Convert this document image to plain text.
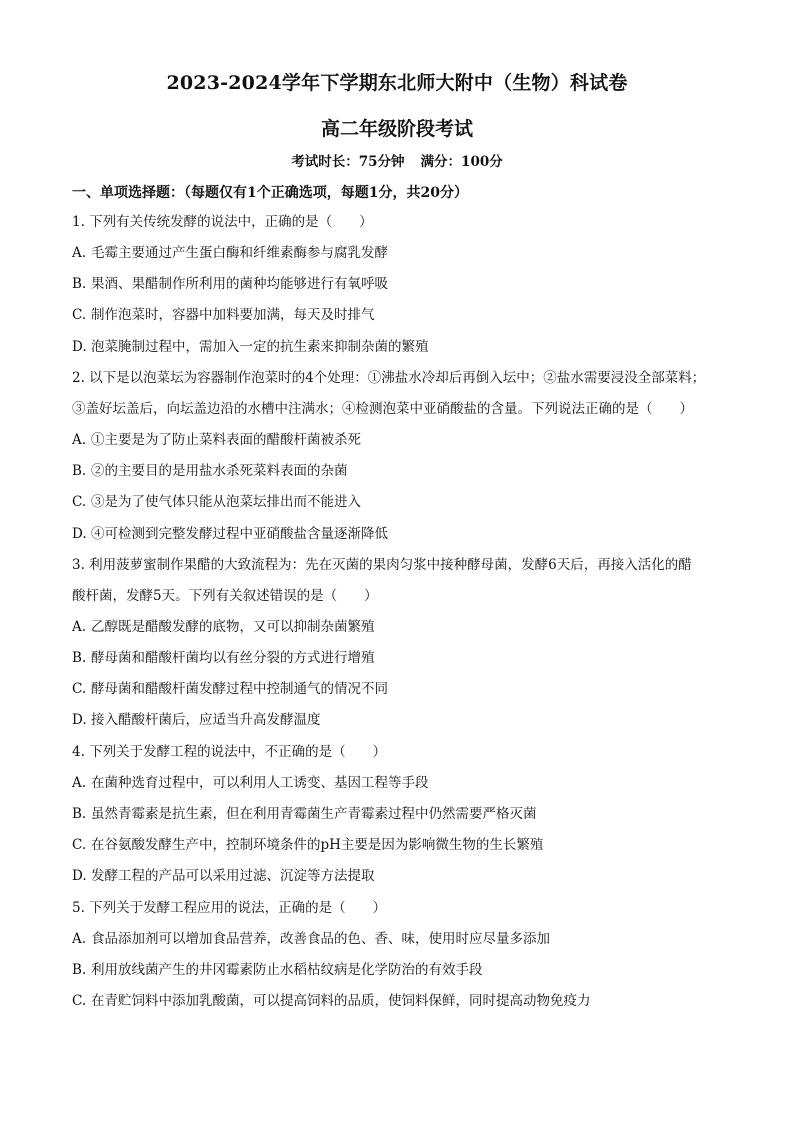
2023-2024学年下学期东北师大附中（生物）科试卷
高二年级阶段考试
考试时长：75分钟 满分：100分
一、单项选择题：（每题仅有1个正确选项，每题1分，共20分）
1. 下列有关传统发酵的说法中，正确的是（　　）
A. 毛霉主要通过产生蛋白酶和纤维素酶参与腐乳发酵
B. 果酒、果醋制作所利用的菌种均能够进行有氧呼吸
C. 制作泡菜时，容器中加料要加满，每天及时排气
D. 泡菜腌制过程中，需加入一定的抗生素来抑制杂菌的繁殖
2. 以下是以泡菜坛为容器制作泡菜时的4个处理：①沸盐水冷却后再倒入坛中；②盐水需要浸没全部菜料；
③盖好坛盖后，向坛盖边沿的水槽中注满水；④检测泡菜中亚硝酸盐的含量。下列说法正确的是（　　）
A. ①主要是为了防止菜料表面的醋酸杆菌被杀死
B. ②的主要目的是用盐水杀死菜料表面的杂菌
C. ③是为了使气体只能从泡菜坛排出而不能进入
D. ④可检测到完整发酵过程中亚硝酸盐含量逐渐降低
3. 利用菠萝蜜制作果醋的大致流程为：先在灭菌的果肉匀浆中接种酵母菌，发酵6天后，再接入活化的醋
酸杆菌，发酵5天。下列有关叙述错误的是（　　）
A. 乙醇既是醋酸发酵的底物，又可以抑制杂菌繁殖
B. 酵母菌和醋酸杆菌均以有丝分裂的方式进行增殖
C. 酵母菌和醋酸杆菌发酵过程中控制通气的情况不同
D. 接入醋酸杆菌后，应适当升高发酵温度
4. 下列关于发酵工程的说法中，不正确的是（　　）
A. 在菌种选育过程中，可以利用人工诱变、基因工程等手段
B. 虽然青霉素是抗生素，但在利用青霉菌生产青霉素过程中仍然需要严格灭菌
C. 在谷氨酸发酵生产中，控制环境条件的pH主要是因为影响微生物的生长繁殖
D. 发酵工程的产品可以采用过滤、沉淀等方法提取
5. 下列关于发酵工程应用的说法，正确的是（　　）
A. 食品添加剂可以增加食品营养，改善食品的色、香、味，使用时应尽量多添加
B. 利用放线菌产生的井冈霉素防止水稻枯纹病是化学防治的有效手段
C. 在青贮饲料中添加乳酸菌，可以提高饲料的品质，使饲料保鲜，同时提高动物免疫力
